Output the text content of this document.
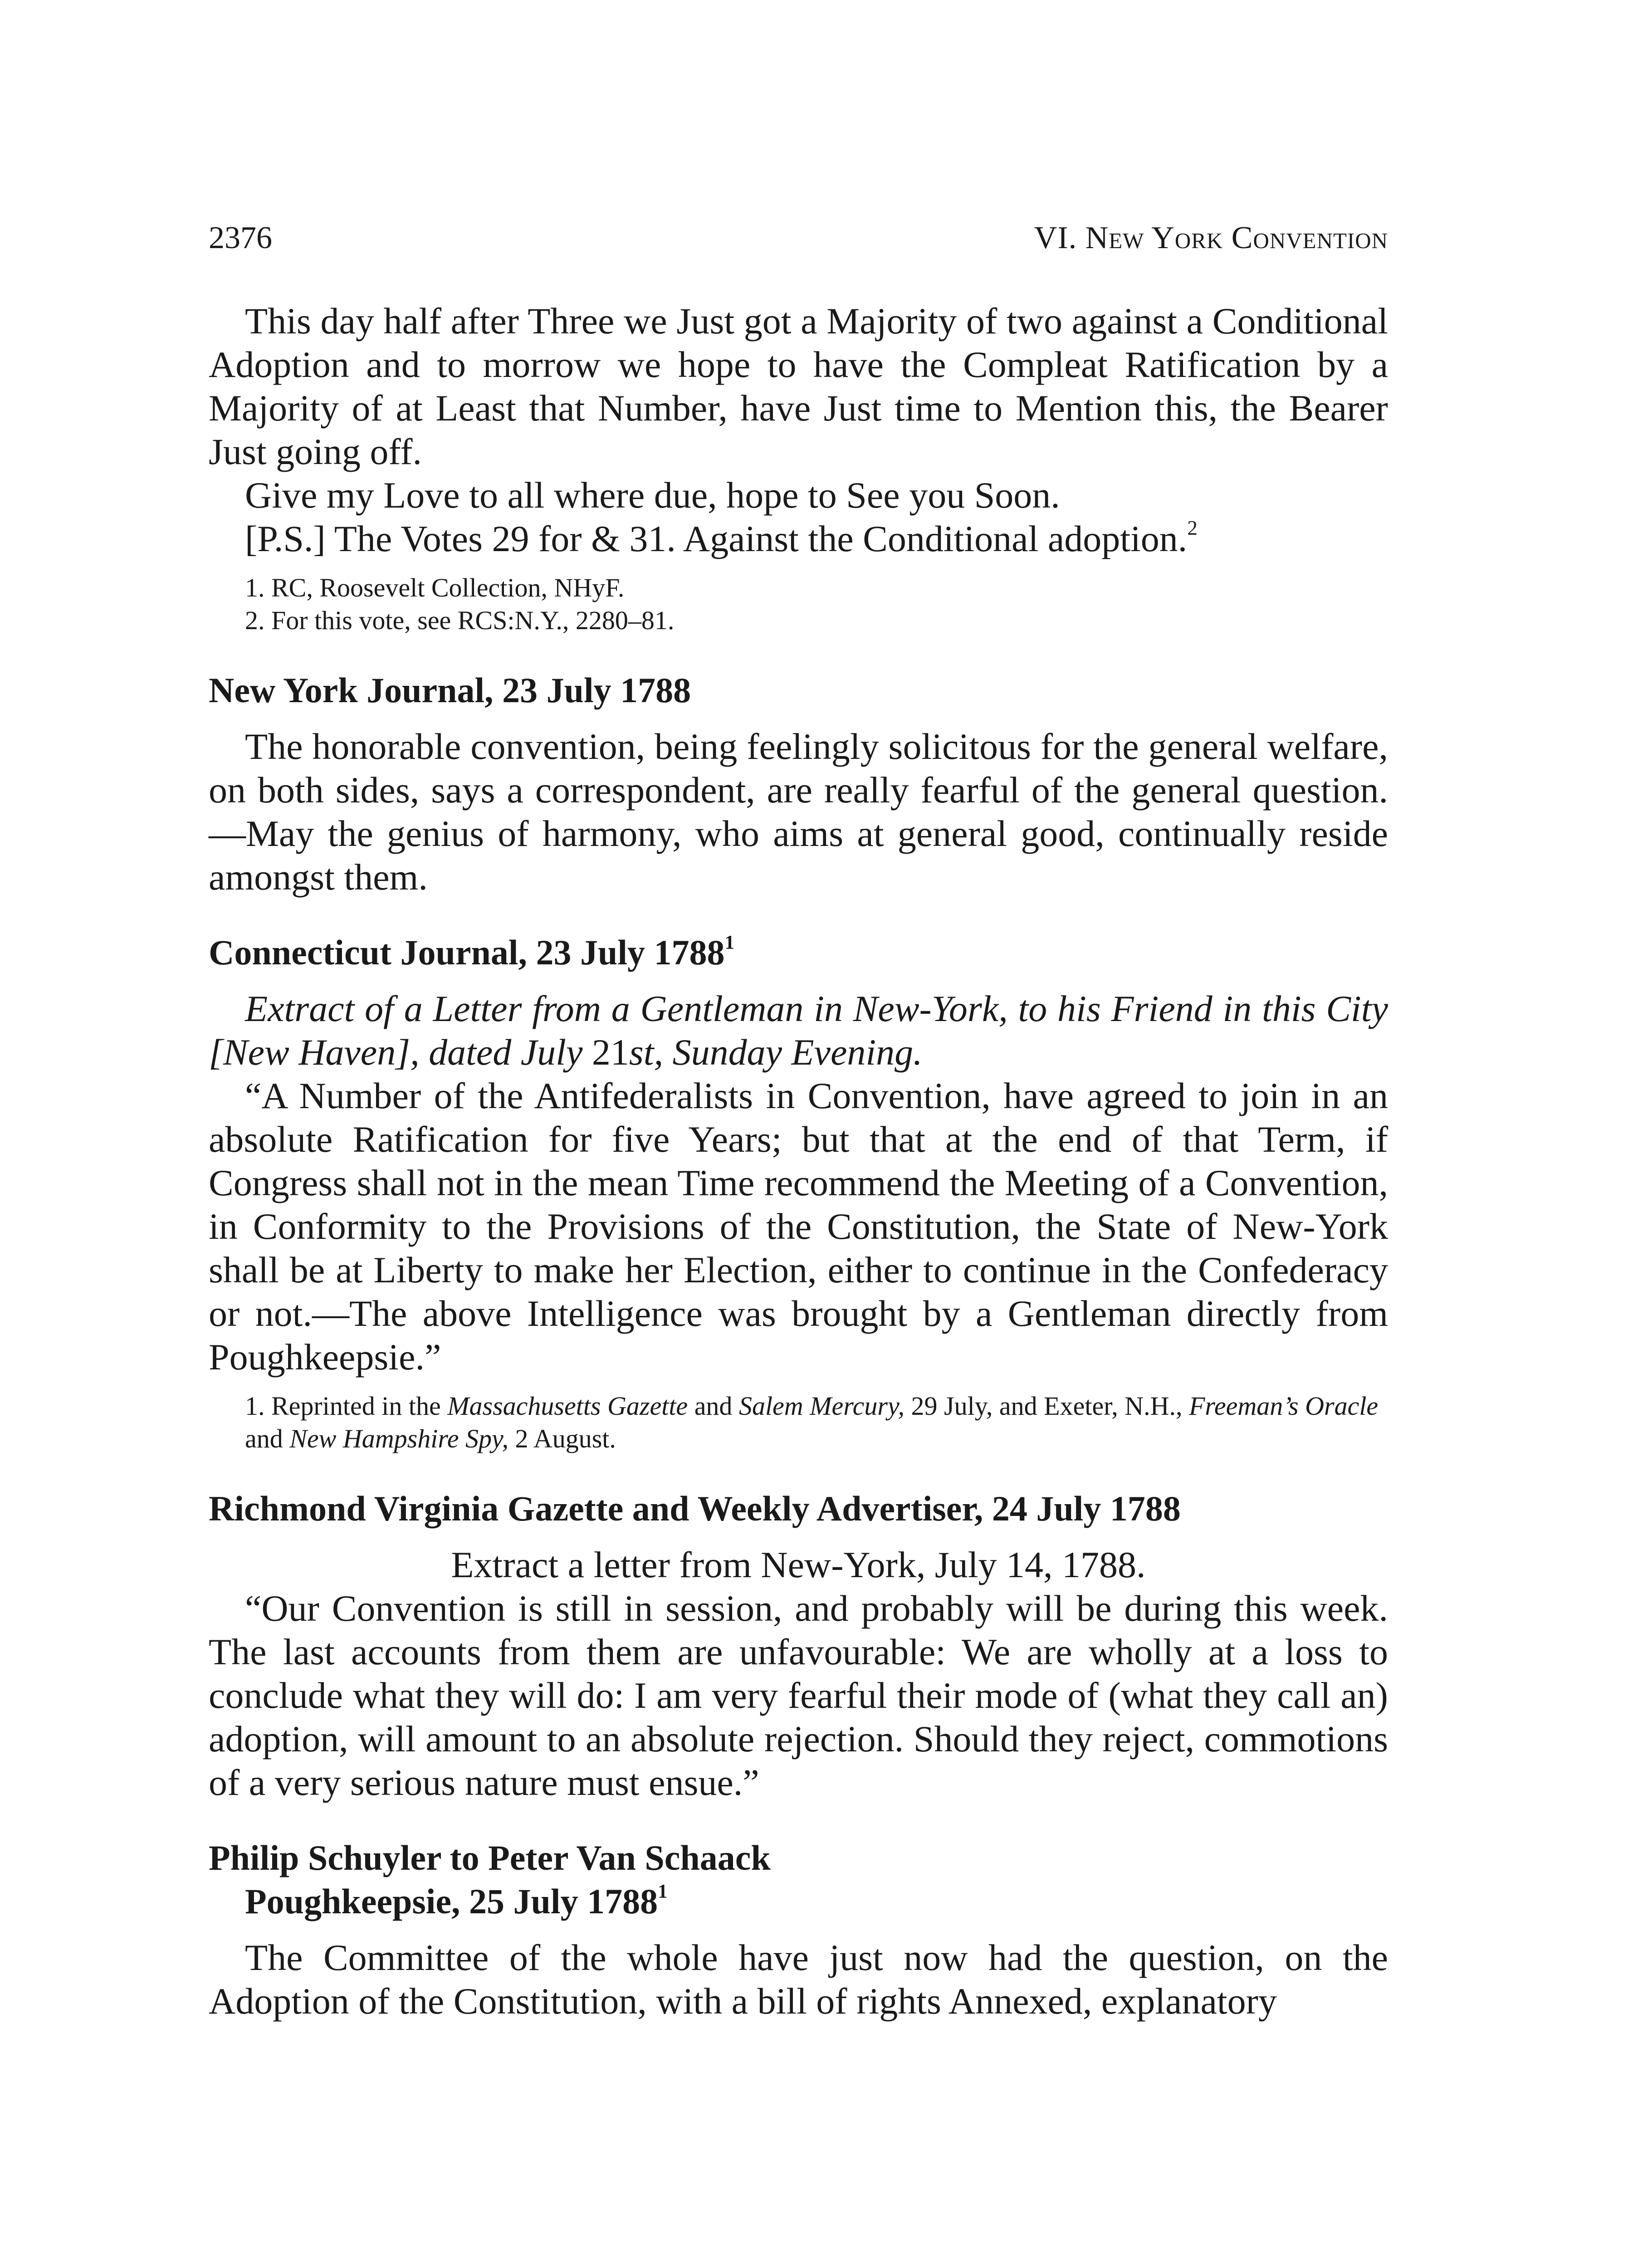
2376	VI. New York Convention

This day half after Three we Just got a Majority of two against a Conditional Adoption and to morrow we hope to have the Compleat Ratification by a Majority of at Least that Number, have Just time to Mention this, the Bearer Just going off.

Give my Love to all where due, hope to See you Soon.

[P.S.] The Votes 29 for & 31. Against the Conditional adoption.$^2$

1. RC, Roosevelt Collection, NHyF.

2. For this vote, see RCS:N.Y., 2280–81.

New York Journal, 23 July 1788

The honorable convention, being feelingly solicitous for the general welfare, on both sides, says a correspondent, are really fearful of the general question.—May the genius of harmony, who aims at general good, continually reside amongst them.

Connecticut Journal, 23 July 1788$^1$

Extract of a Letter from a Gentleman in New-York, to his Friend in this City [New Haven], dated July 21st, Sunday Evening.

“A Number of the Antifederalists in Convention, have agreed to join in an absolute Ratification for five Years; but that at the end of that Term, if Congress shall not in the mean Time recommend the Meeting of a Convention, in Conformity to the Provisions of the Constitution, the State of New-York shall be at Liberty to make her Election, either to continue in the Confederacy or not.—The above Intelligence was brought by a Gentleman directly from Poughkeepsie.”

1. Reprinted in the Massachusetts Gazette and Salem Mercury, 29 July, and Exeter, N.H., Freeman’s Oracle and New Hampshire Spy, 2 August.

Richmond Virginia Gazette and Weekly Advertiser, 24 July 1788

Extract a letter from New-York, July 14, 1788.

“Our Convention is still in session, and probably will be during this week. The last accounts from them are unfavourable: We are wholly at a loss to conclude what they will do: I am very fearful their mode of (what they call an) adoption, will amount to an absolute rejection. Should they reject, commotions of a very serious nature must ensue.”

Philip Schuyler to Peter Van Schaack

Poughkeepsie, 25 July 1788$^1$

The Committee of the whole have just now had the question, on the Adoption of the Constitution, with a bill of rights Annexed, explanatory
